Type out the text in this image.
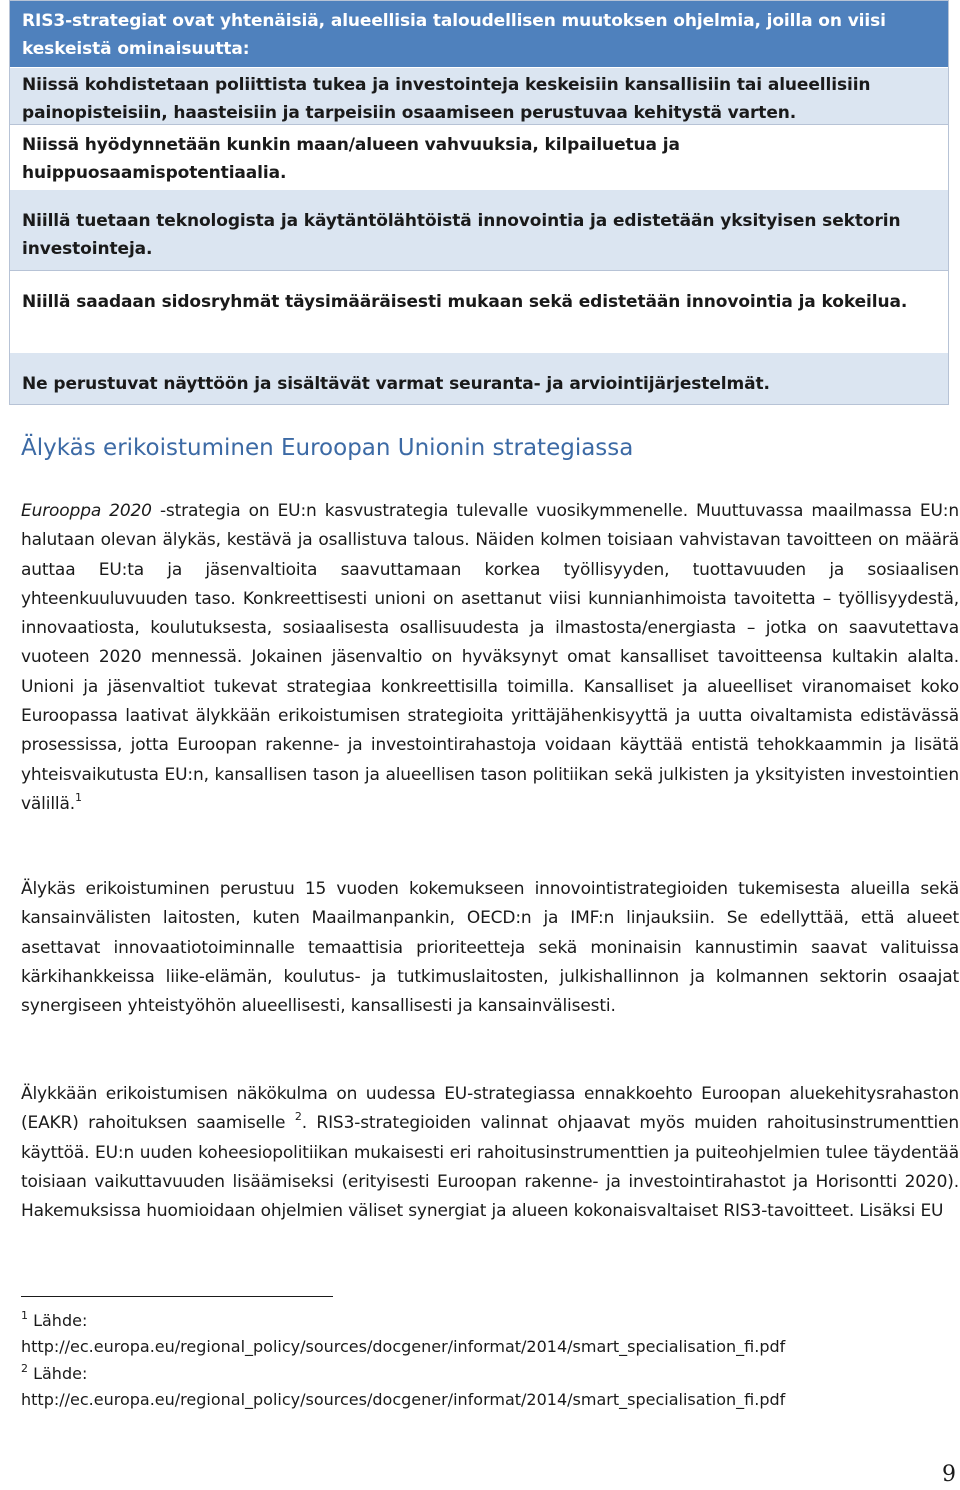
RIS3-strategiat ovat yhtenäisiä, alueellisia taloudellisen muutoksen ohjelmia, joilla on viisi keskeistä ominaisuutta:
Niissä kohdistetaan poliittista tukea ja investointeja keskeisiin kansallisiin tai alueellisiin painopisteisiin, haasteisiin ja tarpeisiin osaamiseen perustuvaa kehitystä varten.
Niissä hyödynnetään kunkin maan/alueen vahvuuksia, kilpailuetua ja huippuosaamispotentiaalia.
Niillä tuetaan teknologista ja käytäntölähtöistä innovointia ja edistetään yksityisen sektorin investointeja.
Niillä saadaan sidosryhmät täysimääräisesti mukaan sekä edistetään innovointia ja kokeilua.
Ne perustuvat näyttöön ja sisältävät varmat seuranta- ja arviointijärjestelmät.
Älykäs erikoistuminen Euroopan Unionin strategiassa

Eurooppa 2020 -strategia on EU:n kasvustrategia tulevalle vuosikymmenelle. Muuttuvassa maailmassa EU:n halutaan olevan älykäs, kestävä ja osallistuva talous. Näiden kolmen toisiaan vahvistavan tavoitteen on määrä auttaa EU:ta ja jäsenvaltioita saavuttamaan korkea työllisyyden, tuottavuuden ja sosiaalisen yhteenkuuluvuuden taso. Konkreettisesti unioni on asettanut viisi kunnianhimoista tavoitetta – työllisyydestä, innovaatiosta, koulutuksesta, sosiaalisesta osallisuudesta ja ilmastosta/energiasta – jotka on saavutettava vuoteen 2020 mennessä. Jokainen jäsenvaltio on hyväksynyt omat kansalliset tavoitteensa kultakin alalta. Unioni ja jäsenvaltiot tukevat strategiaa konkreettisilla toimilla. Kansalliset ja alueelliset viranomaiset koko Euroopassa laativat älykkään erikoistumisen strategioita yrittäjähenkisyyttä ja uutta oivaltamista edistävässä prosessissa, jotta Euroopan rakenne- ja investointirahastoja voidaan käyttää entistä tehokkaammin ja lisätä yhteisvaikutusta EU:n, kansallisen tason ja alueellisen tason politiikan sekä julkisten ja yksityisten investointien välillä.$^1$

Älykäs erikoistuminen perustuu 15 vuoden kokemukseen innovointistrategioiden tukemisesta alueilla sekä kansainvälisten laitosten, kuten Maailmanpankin, OECD:n ja IMF:n linjauksiin. Se edellyttää, että alueet asettavat innovaatiotoiminnalle temaattisia prioriteetteja sekä moninaisin kannustimin saavat valituissa kärkihankkeissa liike-elämän, koulutus- ja tutkimuslaitosten, julkishallinnon ja kolmannen sektorin osaajat synergiseen yhteistyöhön alueellisesti, kansallisesti ja kansainvälisesti.

Älykkään erikoistumisen näkökulma on uudessa EU-strategiassa ennakkoehto Euroopan aluekehitysrahaston (EAKR) rahoituksen saamiselle $^2$. RIS3-strategioiden valinnat ohjaavat myös muiden rahoitusinstrumenttien käyttöä. EU:n uuden koheesiopolitiikan mukaisesti eri rahoitusinstrumenttien ja puiteohjelmien tulee täydentää toisiaan vaikuttavuuden lisäämiseksi (erityisesti Euroopan rakenne- ja investointirahastot ja Horisontti 2020). Hakemuksissa huomioidaan ohjelmien väliset synergiat ja alueen kokonaisvaltaiset RIS3-tavoitteet. Lisäksi EU

$^1$ Lähde:
http://ec.europa.eu/regional_policy/sources/docgener/informat/2014/smart_specialisation_fi.pdf
$^2$ Lähde:
http://ec.europa.eu/regional_policy/sources/docgener/informat/2014/smart_specialisation_fi.pdf
9
